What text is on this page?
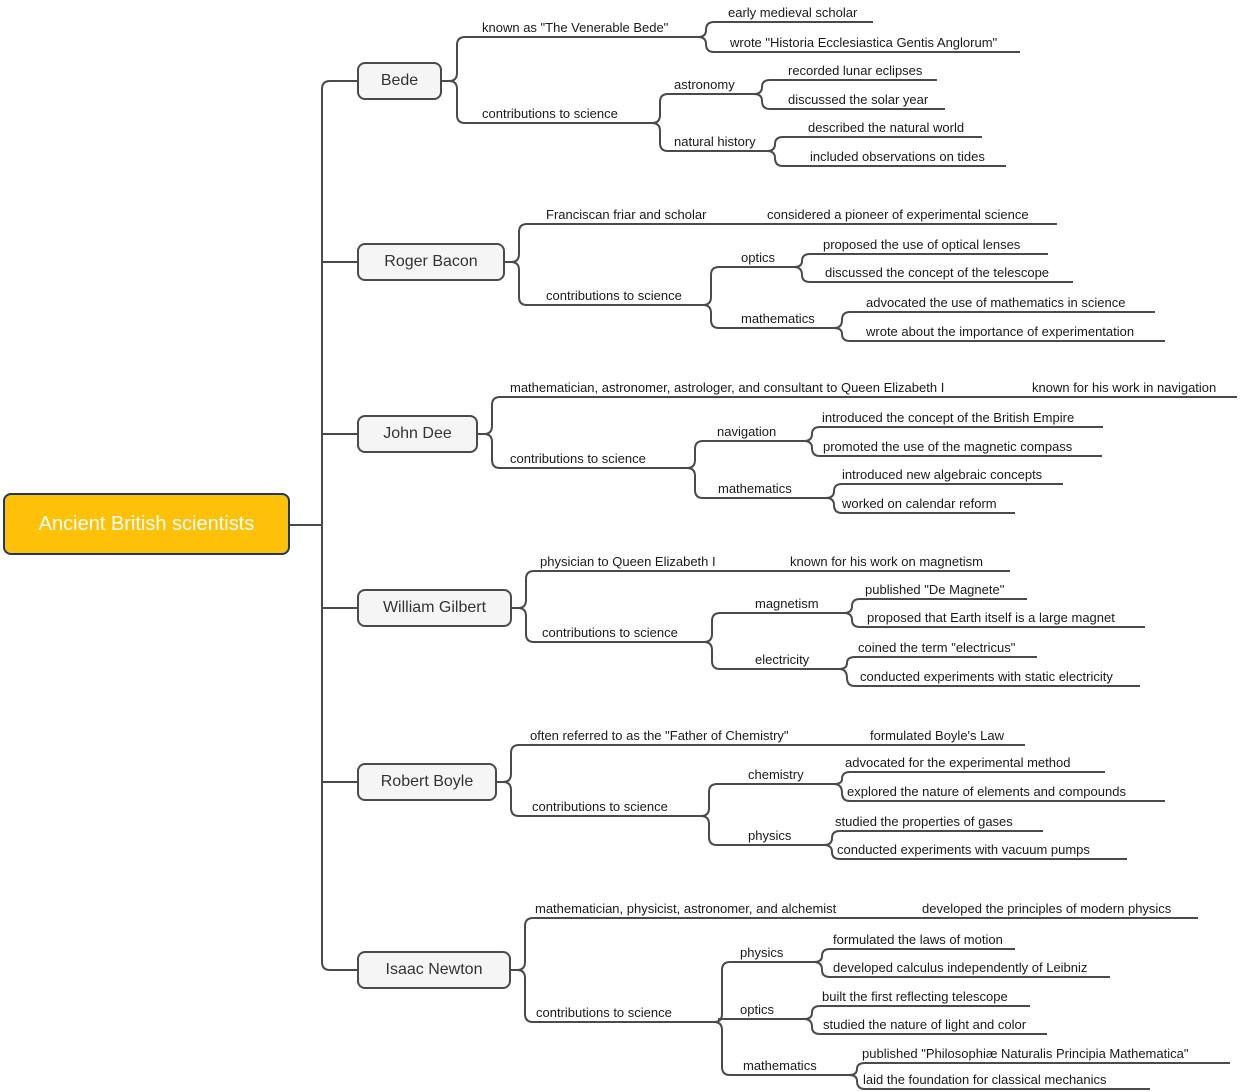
Ancient British scientists
Bede
Roger Bacon
John Dee
William Gilbert
Robert Boyle
Isaac Newton
known as "The Venerable Bede"
early medieval scholar
wrote "Historia Ecclesiastica Gentis Anglorum"
contributions to science
astronomy
recorded lunar eclipses
discussed the solar year
natural history
described the natural world
included observations on tides
Franciscan friar and scholar	considered a pioneer of experimental science
contributions to science
optics
proposed the use of optical lenses
discussed the concept of the telescope
mathematics
advocated the use of mathematics in science
wrote about the importance of experimentation
mathematician, astronomer, astrologer, and consultant to Queen Elizabeth I	known for his work in navigation
contributions to science
navigation
introduced the concept of the British Empire
promoted the use of the magnetic compass
mathematics
introduced new algebraic concepts
worked on calendar reform
physician to Queen Elizabeth I	known for his work on magnetism
contributions to science
magnetism
published "De Magnete"
proposed that Earth itself is a large magnet
electricity
coined the term "electricus"
conducted experiments with static electricity
often referred to as the "Father of Chemistry"	formulated Boyle's Law
contributions to science
chemistry
advocated for the experimental method
explored the nature of elements and compounds
physics
studied the properties of gases
conducted experiments with vacuum pumps
mathematician, physicist, astronomer, and alchemist	developed the principles of modern physics
contributions to science
physics
formulated the laws of motion
developed calculus independently of Leibniz
optics
built the first reflecting telescope
studied the nature of light and color
mathematics
published "Philosophiæ Naturalis Principia Mathematica"
laid the foundation for classical mechanics
